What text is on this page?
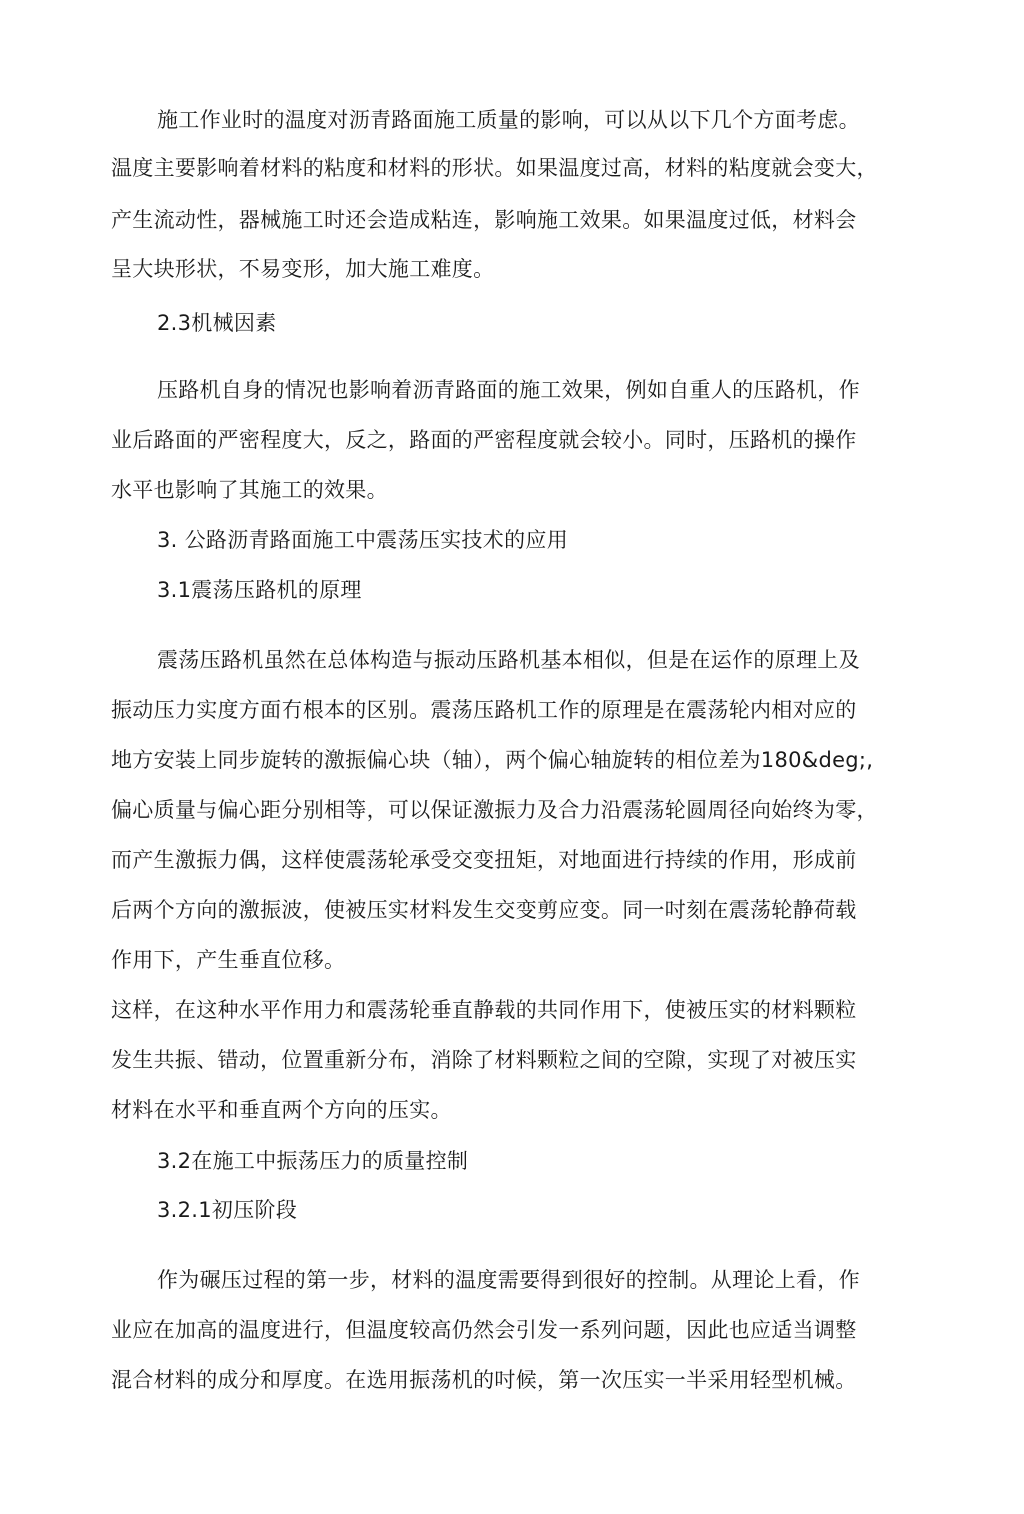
施工作业时的温度对沥青路面施工质量的影响，可以从以下几个方面考虑。
温度主要影响着材料的粘度和材料的形状。如果温度过高，材料的粘度就会变大，
产生流动性，器械施工时还会造成粘连，影响施工效果。如果温度过低，材料会
呈大块形状，不易变形，加大施工难度。
2.3机械因素
压路机自身的情况也影响着沥青路面的施工效果，例如自重人的压路机，作
业后路面的严密程度大，反之，路面的严密程度就会较小。同时，压路机的操作
水平也影响了其施工的效果。
3. 公路沥青路面施工中震荡压实技术的应用
3.1震荡压路机的原理
震荡压路机虽然在总体构造与振动压路机基本相似，但是在运作的原理上及
振动压力实度方面冇根本的区别。震荡压路机工作的原理是在震荡轮内相对应的
地方安装上同步旋转的激振偏心块（轴），两个偏心轴旋转的相位差为180&deg;,
偏心质量与偏心距分别相等，可以保证激振力及合力沿震荡轮圆周径向始终为零，
而产生激振力偶，这样使震荡轮承受交变扭矩，对地面进行持续的作用，形成前
后两个方向的激振波，使被压实材料发生交变剪应变。同一吋刻在震荡轮静荷载
作用下，产生垂直位移。
这样，在这种水平作用力和震荡轮垂直静载的共同作用下，使被压实的材料颗粒
发生共振、错动，位置重新分布，消除了材料颗粒之间的空隙，实现了对被压实
材料在水平和垂直两个方向的压实。
3.2在施工中振荡压力的质量控制
3.2.1初压阶段
作为碾压过程的第一步，材料的温度需要得到很好的控制。从理论上看，作
业应在加高的温度进行，但温度较高仍然会引发一系列问题，因此也应适当调整
混合材料的成分和厚度。在选用振荡机的吋候，第一次压实一半采用轻型机械。
